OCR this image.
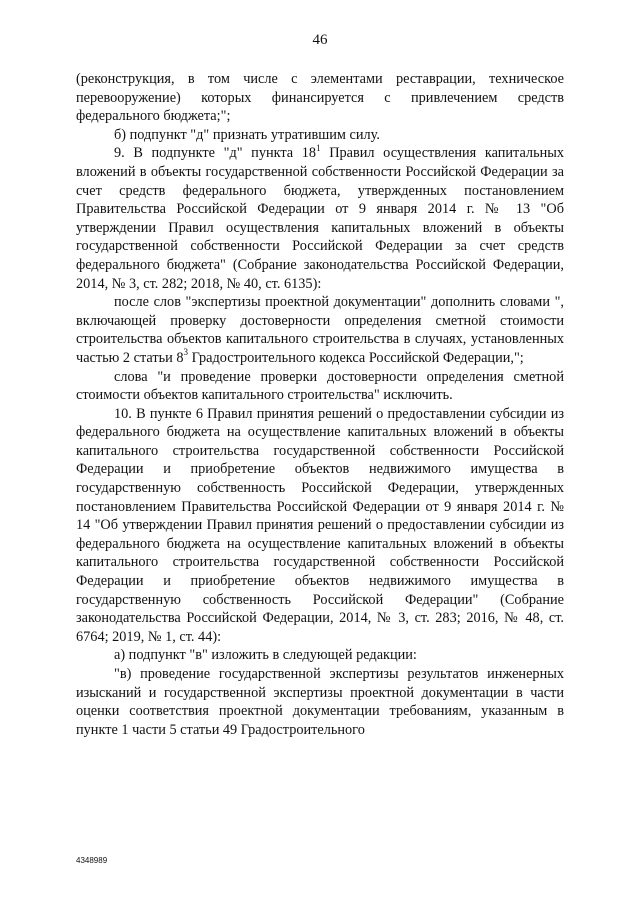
46

(реконструкция, в том числе с элементами реставрации, техническое перевооружение) которых финансируется с привлечением средств федерального бюджета;";

б) подпункт "д" признать утратившим силу.

9. В подпункте "д" пункта $18^1$ Правил осуществления капитальных вложений в объекты государственной собственности Российской Федерации за счет средств федерального бюджета, утвержденных постановлением Правительства Российской Федерации от 9 января 2014 г. № 13 "Об утверждении Правил осуществления капитальных вложений в объекты государственной собственности Российской Федерации за счет средств федерального бюджета" (Собрание законодательства Российской Федерации, 2014, № 3, ст. 282; 2018, № 40, ст. 6135):

после слов "экспертизы проектной документации" дополнить словами ", включающей проверку достоверности определения сметной стоимости строительства объектов капитального строительства в случаях, установленных частью 2 статьи $8^3$ Градостроительного кодекса Российской Федерации,";

слова "и проведение проверки достоверности определения сметной стоимости объектов капитального строительства" исключить.

10. В пункте 6 Правил принятия решений о предоставлении субсидии из федерального бюджета на осуществление капитальных вложений в объекты капитального строительства государственной собственности Российской Федерации и приобретение объектов недвижимого имущества в государственную собственность Российской Федерации, утвержденных постановлением Правительства Российской Федерации от 9 января 2014 г. № 14 "Об утверждении Правил принятия решений о предоставлении субсидии из федерального бюджета на осуществление капитальных вложений в объекты капитального строительства государственной собственности Российской Федерации и приобретение объектов недвижимого имущества в государственную собственность Российской Федерации" (Собрание законодательства Российской Федерации, 2014, № 3, ст. 283; 2016, № 48, ст. 6764; 2019, № 1, ст. 44):

а) подпункт "в" изложить в следующей редакции:

"в) проведение государственной экспертизы результатов инженерных изысканий и государственной экспертизы проектной документации в части оценки соответствия проектной документации требованиям, указанным в пункте 1 части 5 статьи 49 Градостроительного

4348989
